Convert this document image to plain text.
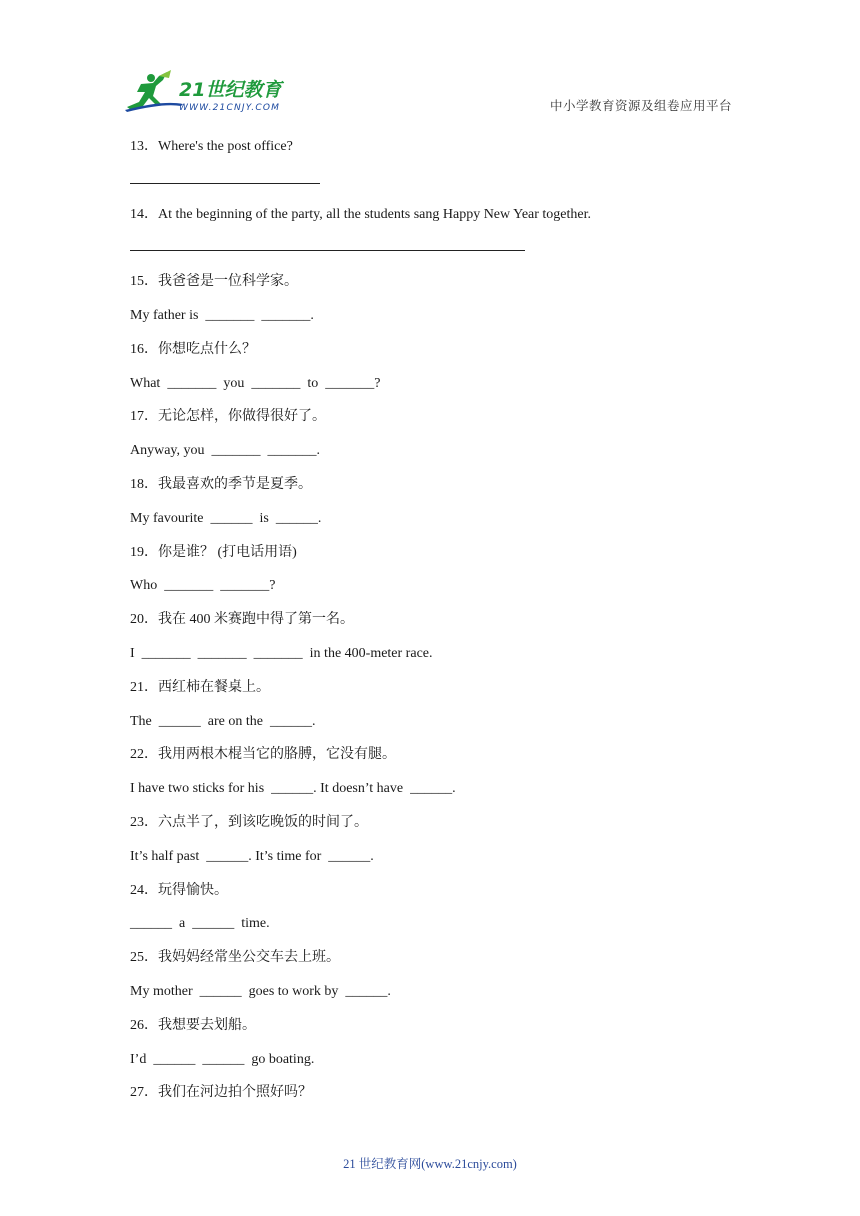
21世纪教育
WWW.21CNJY.COM	中小学教育资源及组卷应用平台
13．Where's the post office?
14．At the beginning of the party, all the students sang Happy New Year together.
15．我爸爸是一位科学家。
My father is  _______  _______.
16．你想吃点什么？
What  _______  you  _______  to  _______?
17．无论怎样，你做得很好了。
Anyway, you  _______  _______.
18．我最喜欢的季节是夏季。
My favourite  ______  is  ______.
19．你是谁？ (打电话用语)
Who  _______  _______?
20．我在 400 米赛跑中得了第一名。
I  _______  _______  _______  in the 400-meter race.
21．西红柿在餐桌上。
The  ______  are on the  ______.
22．我用两根木棍当它的胳膊，它没有腿。
I have two sticks for his  ______. It doesn’t have  ______.
23．六点半了，到该吃晚饭的时间了。
It’s half past  ______. It’s time for  ______.
24．玩得愉快。
______  a  ______  time.
25．我妈妈经常坐公交车去上班。
My mother  ______  goes to work by  ______.
26．我想要去划船。
I’d  ______  ______  go boating.
27．我们在河边拍个照好吗？
21 世纪教育网(www.21cnjy.com)
